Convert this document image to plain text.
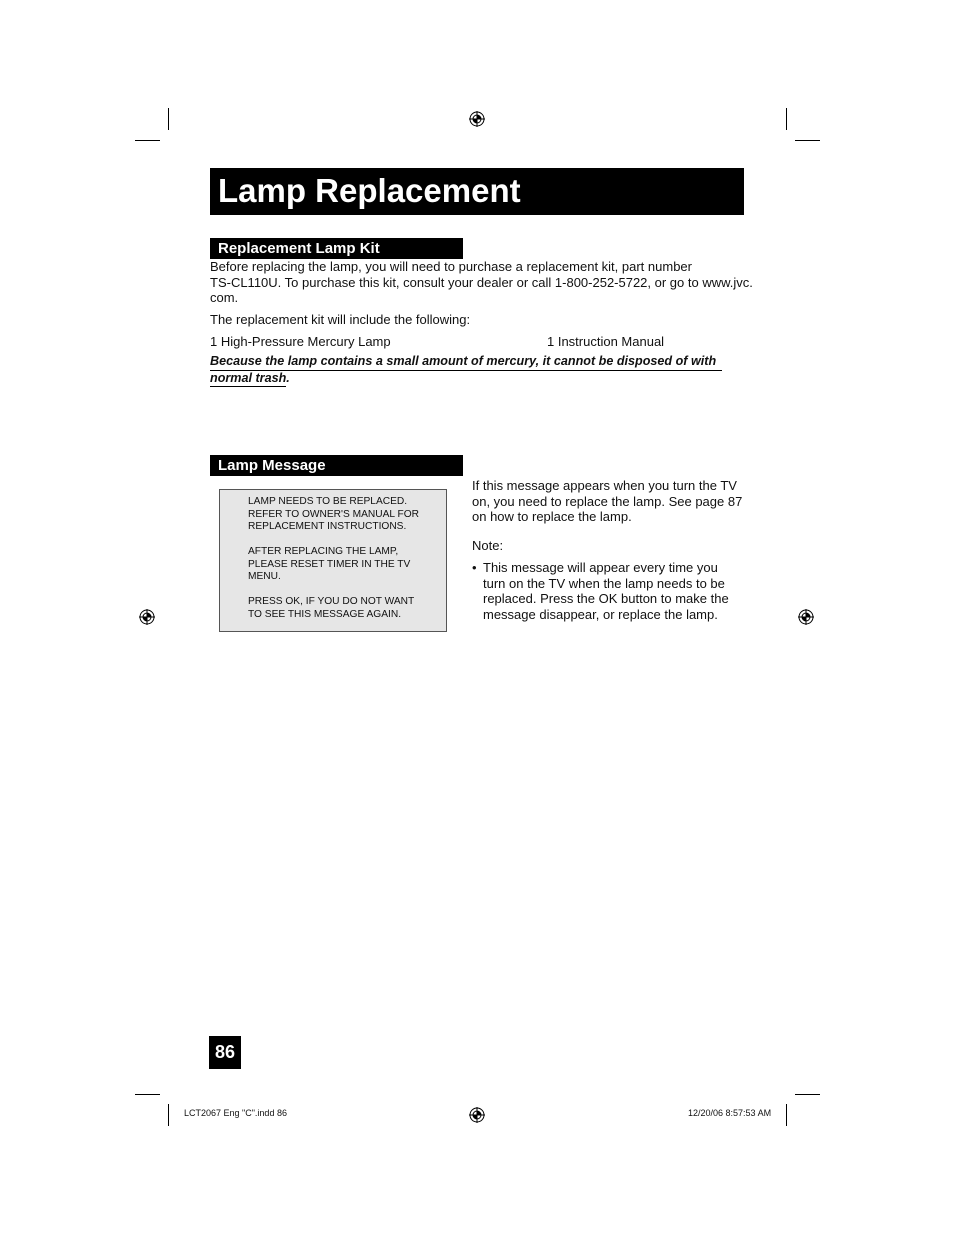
Lamp Replacement
Replacement Lamp Kit
Before replacing the lamp, you will need to purchase a replacement kit, part number
TS-CL110U. To purchase this kit, consult your dealer or call 1-800-252-5722, or go to www.jvc.
com.
The replacement kit will include the following:
1 High-Pressure Mercury Lamp	1 Instruction Manual
Because the lamp contains a small amount of mercury, it cannot be disposed of with
normal trash.
Lamp Message
LAMP NEEDS TO BE REPLACED.
REFER TO OWNER'S MANUAL FOR
REPLACEMENT INSTRUCTIONS.
AFTER REPLACING THE LAMP,
PLEASE RESET TIMER IN THE TV
MENU.
PRESS OK, IF YOU DO NOT WANT
TO SEE THIS MESSAGE AGAIN.
If this message appears when you turn the TV
on, you need to replace the lamp. See page 87
on how to replace the lamp.
Note:
• This message will appear every time you
turn on the TV when the lamp needs to be
replaced. Press the OK button to make the
message disappear, or replace the lamp.
86
LCT2067 Eng "C".indd 86	12/20/06 8:57:53 AM
